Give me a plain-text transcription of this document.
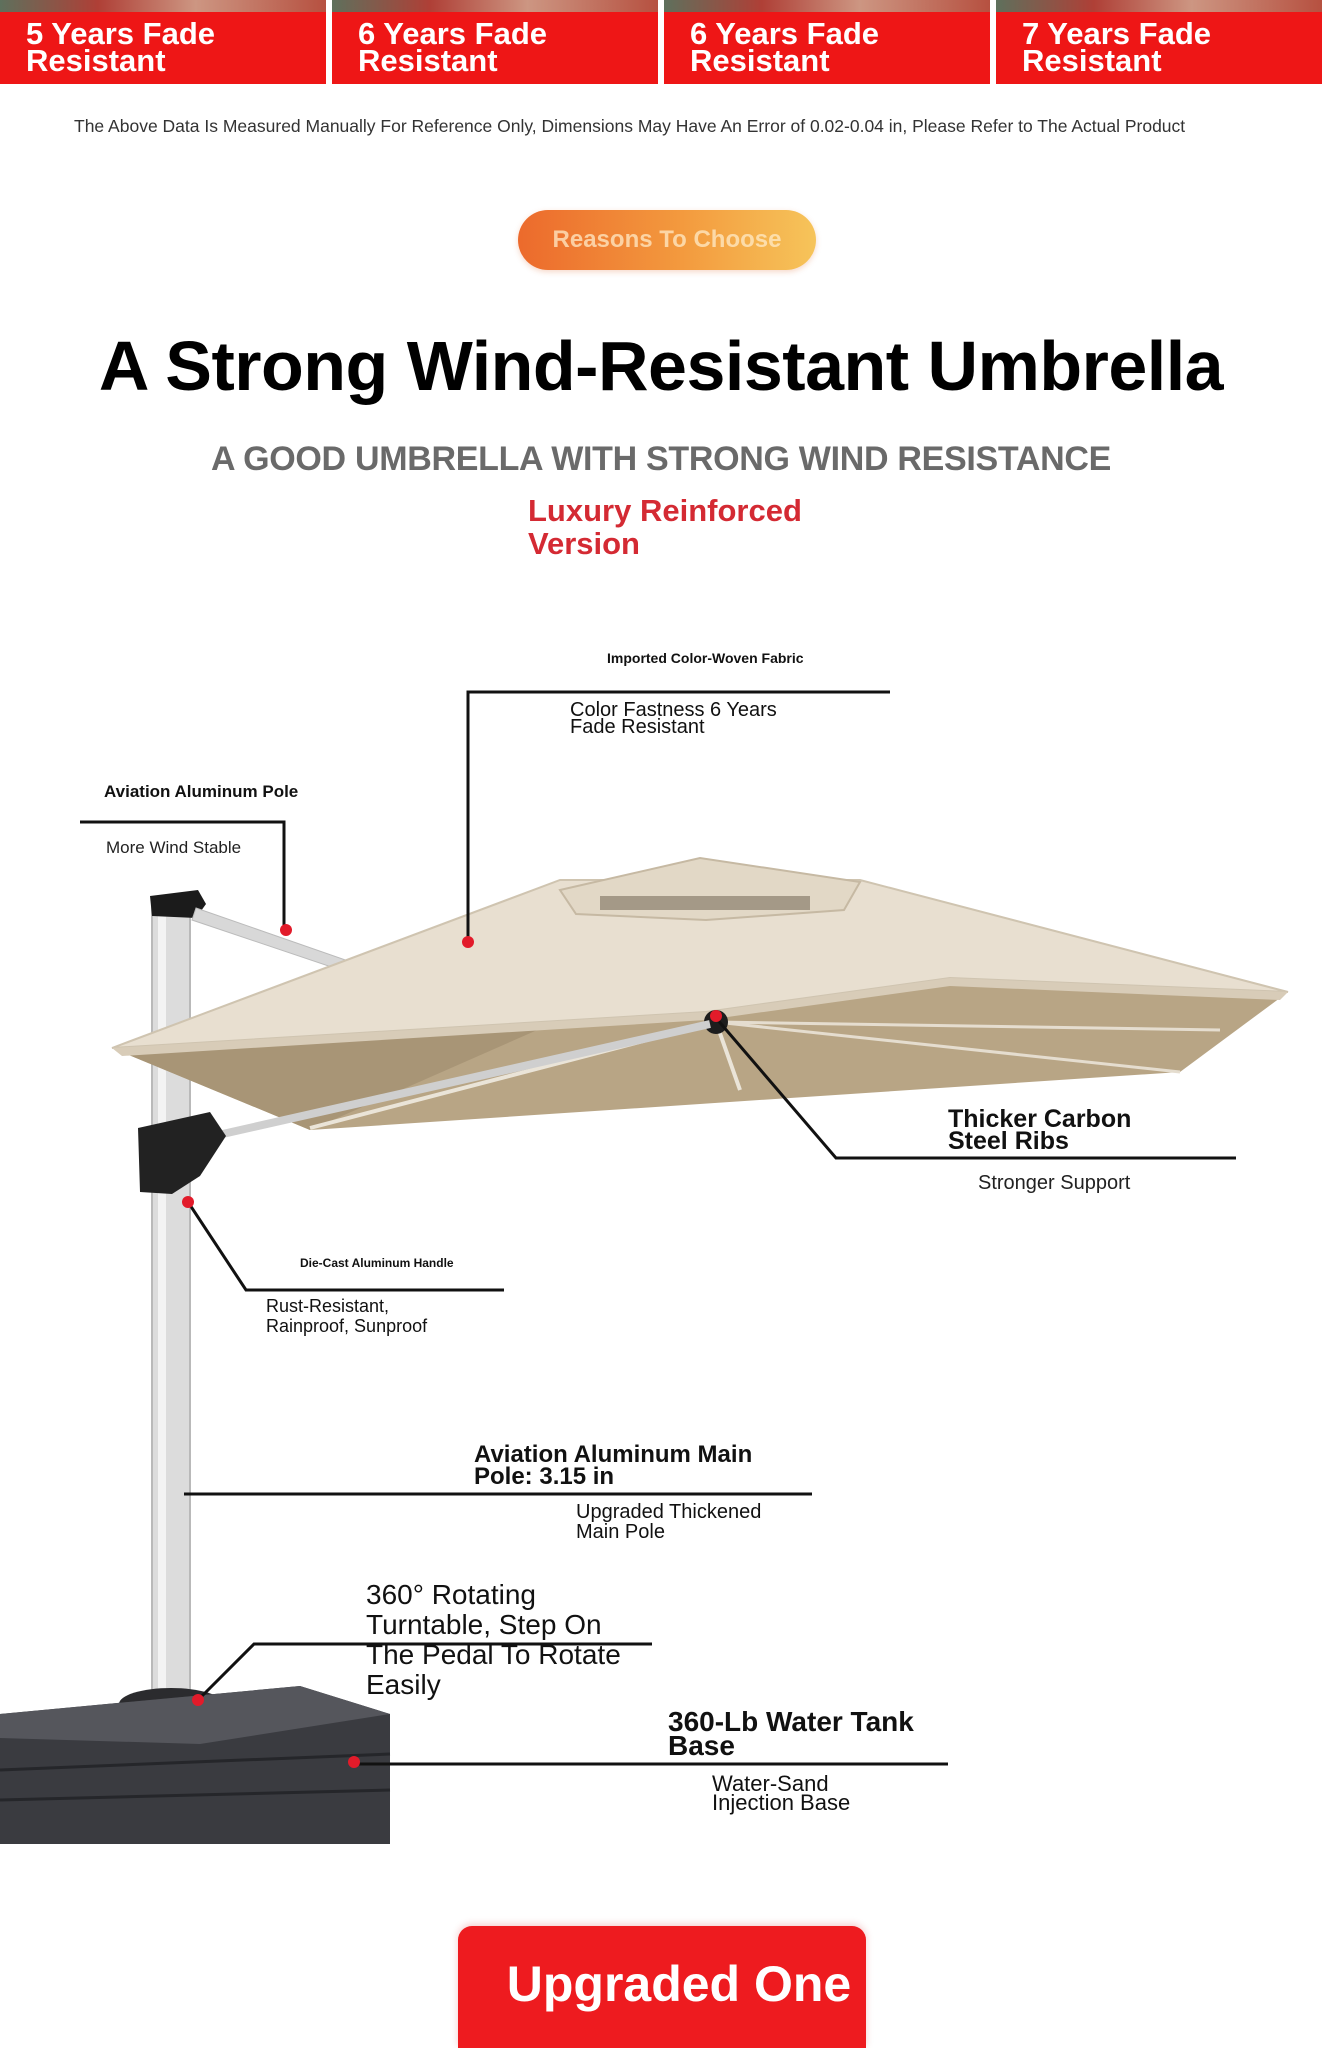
5 Years Fade
Resistant
6 Years Fade
Resistant
6 Years Fade
Resistant
7 Years Fade
Resistant
The Above Data Is Measured Manually For Reference Only, Dimensions May Have An Error of 0.02-0.04 in, Please Refer to The Actual Product
Reasons To Choose
A Strong Wind-Resistant Umbrella
A GOOD UMBRELLA WITH STRONG WIND RESISTANCE
Luxury Reinforced
Version
Imported Color-Woven Fabric
Color Fastness 6 Years
Fade Resistant
Aviation Aluminum Pole
More Wind Stable
Thicker Carbon
Steel Ribs
Stronger Support
Die-Cast Aluminum Handle
Rust-Resistant,
Rainproof, Sunproof
Aviation Aluminum Main
Pole: 3.15 in
Upgraded Thickened
Main Pole
360° Rotating
Turntable, Step On
The Pedal To Rotate
Easily
360-Lb Water Tank
Base
Water-Sand
Injection Base
Upgraded One
